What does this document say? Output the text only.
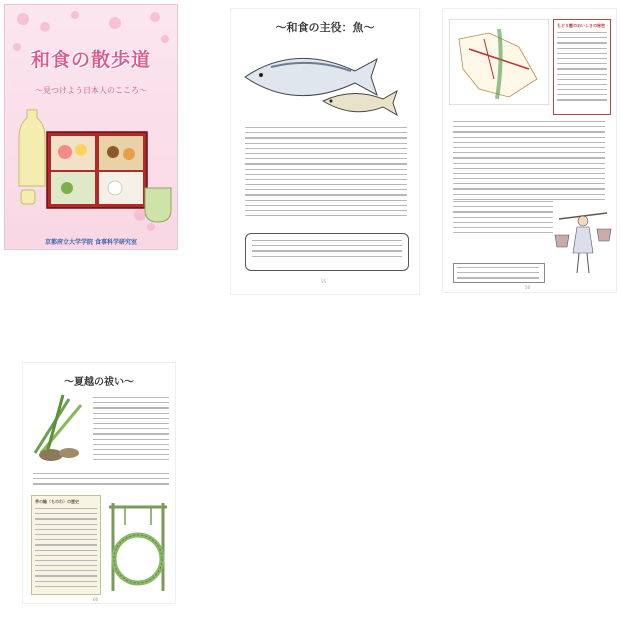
和食の散歩道
～見つけよう日本人のこころ～
京都府立大学学院 食事科学研究室
～和食の主役：魚～
55
もどり鰹のおいしさの秘密
56
～夏越の祓い～
茅の輪（ちのわ）の歴史
66
